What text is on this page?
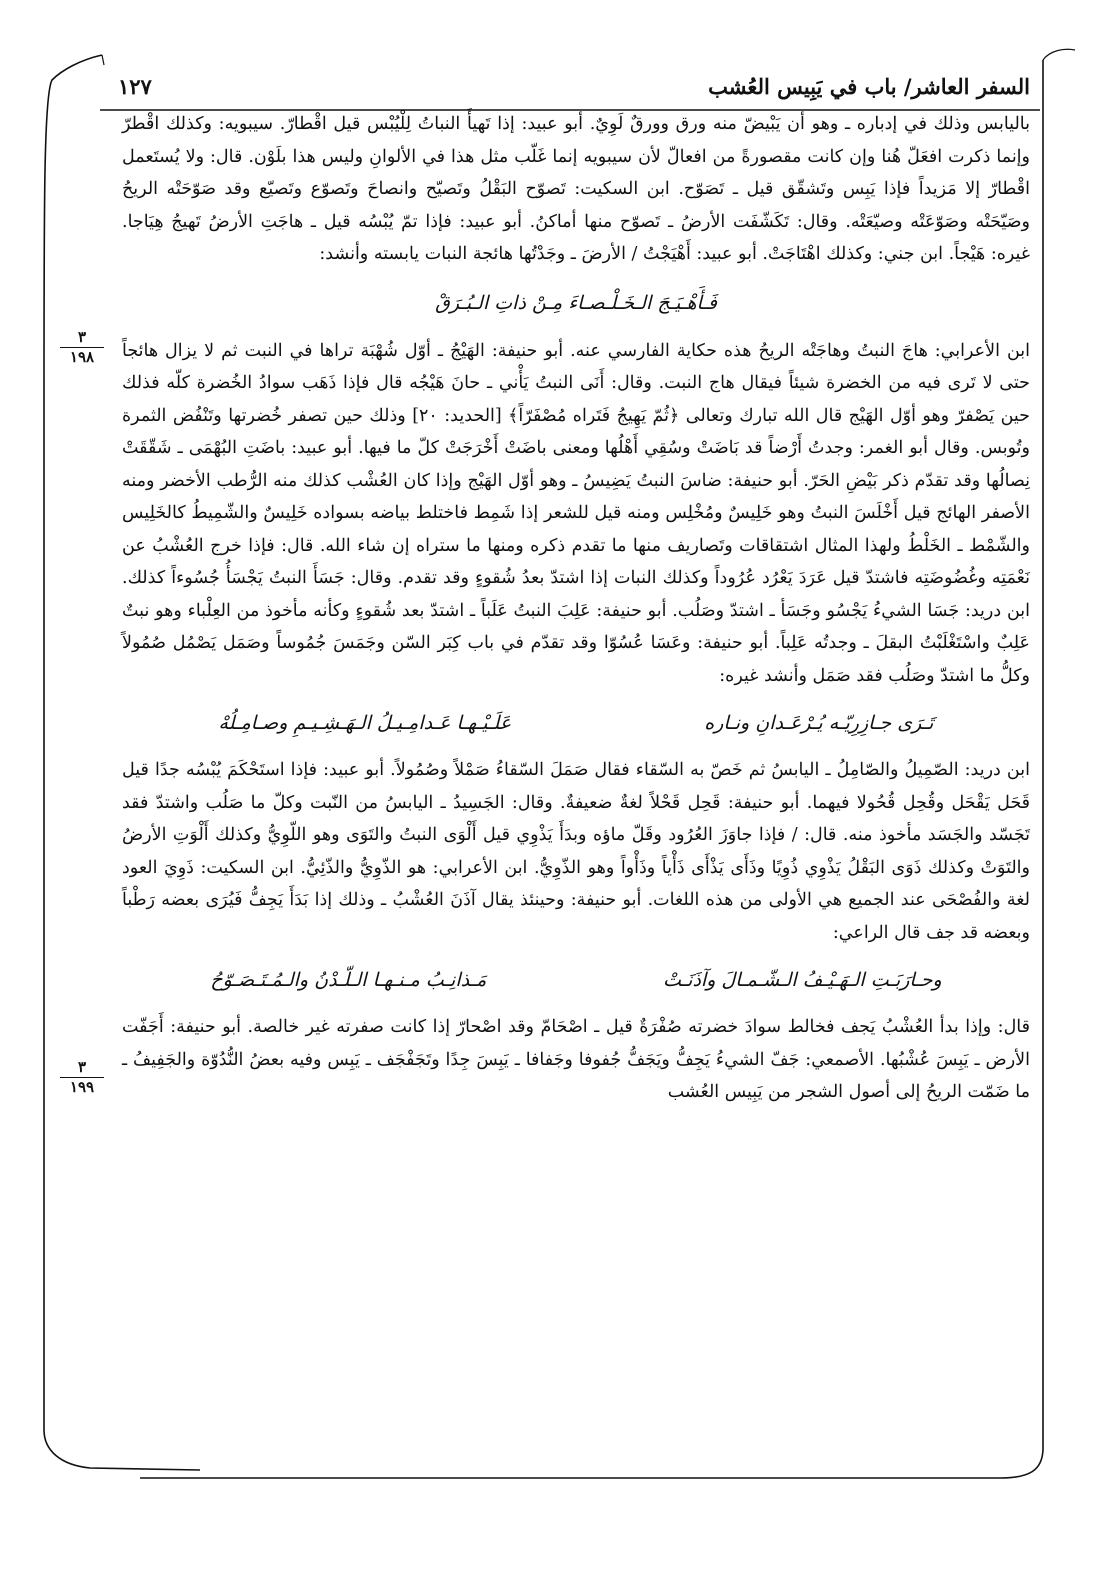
السفر العاشر/ باب في يَبِيس العُشب
١٢٧
٣
١٩٨
٣
١٩٩

باليابس وذلك في إدباره ـ وهو أن يَبْيضّ منه ورق وورقٌ لَوِيٌ. أبو عبيد: إذا تَهيأَ النباتُ لِلْيُبْس قيل اقْطارّ. سيبويه: وكذلك اقْطرّ وإنما ذكرت افعَلّ هُنا وإن كانت مقصورةً من افعالّ لأن سيبويه إنما غَلّب مثل هذا في الألوانِ وليس هذا بلَوْن. قال: ولا يُستَعمل اقْطارّ إلا مَزيداً فإذا يَبِس وتَشقّق قيل ـ تَصَوّح. ابن السكيت: تَصوّح البَقْلُ وتَصيّح وانصاحَ وتَصوّع وتَصيّع وقد صَوّحَتْه الريحُ وصَيّحَتْه وصَوّعَتْه وصيّعَتْه. وقال: تَكَشّفَت الأرضُ ـ تَصوّح منها أماكنُ. أبو عبيد: فإذا تمّ يُبْسُه قيل ـ هاجَتِ الأرضُ تَهيجُ هِيَاجا. غيره: هَيْجاً. ابن جني: وكذلك اهْتَاجَتْ. أبو عبيد: أَهْيَجْتُ / الأرضَ ـ وجَدْتُها هائجة النبات يابسته وأنشد:

فَـأَهْـيَـجَ الـخَـلْـصـاءَ مِـنْ ذاتِ الـبُـرَقْ

ابن الأعرابي: هاجَ النبتُ وهاجَتْه الريحُ هذه حكاية الفارسي عنه. أبو حنيفة: الهَيْجُ ـ أوّل شُهْبَة تراها في النبت ثم لا يزال هائجاً حتى لا تَرى فيه من الخضرة شيئاً فيقال هاج النبت. وقال: أَنَى النبتُ يَأْني ـ حانَ هَيْجُه قال فإذا ذَهَب سوادُ الخُضرة كلّه فذلك حين يَصْفرّ وهو أوّل الهَيْج قال الله تبارك وتعالى ﴿ثُمّ يَهِيجُ فَتَراه مُصْفَرّاً﴾ [الحديد: ٢٠] وذلك حين تصفر خُضرتها وتَنْفُض الثمرة وتُوبس. وقال أبو الغمر: وجدتُ أَرْضاً قد بَاضَتْ وسُقِي أَهْلُها ومعنى باضَتْ أَخْرَجَتْ كلّ ما فيها. أبو عبيد: باضَتِ البُهْمَى ـ شَقّقَتْ نِصالُها وقد تقدّم ذكر بَيْضِ الحَرّ. أبو حنيفة: ضاسَ النبتُ يَضِيسُ ـ وهو أوّل الهَيْج وإذا كان العُشْب كذلك منه الرُّطب الأخضر ومنه الأصفر الهائج قيل أَخْلَسَ النبتُ وهو خَلِيسٌ ومُخْلِس ومنه قيل للشعر إذا شَمِط فاختلط بياضه بسواده خَلِيسٌ والشّمِيطُ كالخَلِيس والشّمْط ـ الخَلْطُ ولهذا المثال اشتقاقات وتَصاريف منها ما تقدم ذكره ومنها ما ستراه إن شاء الله. قال: فإذا خرج العُشْبُ عن نَعْمَتِه وغُضُوضَتِه فاشتدّ قيل عَرَدَ يَعْرُد عُرُوداً وكذلك النبات إذا اشتدّ بعدُ شُقوءٍ وقد تقدم. وقال: جَسَأَ النبتُ يَجْسَأُ جُسُوءاً كذلك. ابن دريد: جَسَا الشيءُ يَجْسُو وجَسَأ ـ اشتدّ وصَلُب. أبو حنيفة: عَلِبَ النبتُ عَلَباً ـ اشتدّ بعد شُقوءٍ وكأنه مأخوذ من العِلْباء وهو نبتٌ عَلِبٌ واسْتَغْلَبْتُ البقلَ ـ وجدتُه عَلِباً. أبو حنيفة: وعَسَا عُسُوّا وقد تقدّم في باب كِبَر السّن وجَمَسَ جُمُوساً وصَمَل يَصْمُل صُمُولاً وكلُّ ما اشتدّ وصَلُب فقد صَمَل وأنشد غيره:

تَـرَى جـازِرِيّـه يُـرْعَـدانِ ونـاره
عَلَـيْـهـا عَـدامِـيـلُ الـهَـشِـيـمِ وصـامِـلُهْ

ابن دريد: الصّمِيلُ والصّامِلُ ـ اليابسُ ثم خَصّ به السّقاء فقال صَمَلَ السّقاءُ صَمْلاً وصُمُولاً. أبو عبيد: فإذا استَحْكَمَ يُبْسُه جدًا قيل قَحَل يَقْحَل وقُحِل قُحُولا فيهما. أبو حنيفة: قَحِل قَحْلاً لغةٌ ضعيفةٌ. وقال: الجَسِيدُ ـ اليابسُ من النّبت وكلّ ما صَلُب واشتدّ فقد تَجَسّد والجَسَد مأخوذ منه. قال: / فإذا جاوَزَ العُرُود وقَلّ ماؤه وبدَأَ يَذْوِي قيل أَلْوَى النبتُ والتَوَى وهو اللّوِيُّ وكذلك أَلْوَتِ الأرضُ والتَوَتْ وكذلك ذَوَى البَقْلُ يَذْوِي ذُوِيًا وذَأَى يَذْأَى ذَأْياً وذَأْواً وهو الذّوِيُّ. ابن الأعرابي: هو الذّوِيُّ والذّئِيُّ. ابن السكيت: ذَوِيَ العود لغة والفُصْحَى عند الجميع هي الأولى من هذه اللغات. أبو حنيفة: وحينئذ يقال آذَنَ العُشْبُ ـ وذلك إذا بَدَأَ يَجِفُّ فَيُرَى بعضه رَطْباً وبعضه قد جف قال الراعي:

وحـارَبَـتِ الـهَـيْـفُ الـشّـمـالَ وآذَنَـتْ
مَـذانِـبُ مـنـهـا الـلّـدْنُ والـمُـتَـصَـوّحُ

قال: وإذا بدأ العُشْبُ يَجف فخالط سوادَ خضرته صُفْرَةٌ قيل ـ اصْحَامّ وقد اصْحارّ إذا كانت صفرته غير خالصة. أبو حنيفة: أَجَفّت الأرض ـ يَبِسَ عُشْبُها. الأصمعي: جَفّ الشيءُ يَجِفُّ ويَجَفُّ جُفوفا وجَفافا ـ يَبِسَ جِدًا وتَجَفْجَف ـ يَبِس وفيه بعضُ النُّدُوّة والجَفِيفُ ـ ما ضَمّت الريحُ إلى أصول الشجر من يَبِيس العُشب
